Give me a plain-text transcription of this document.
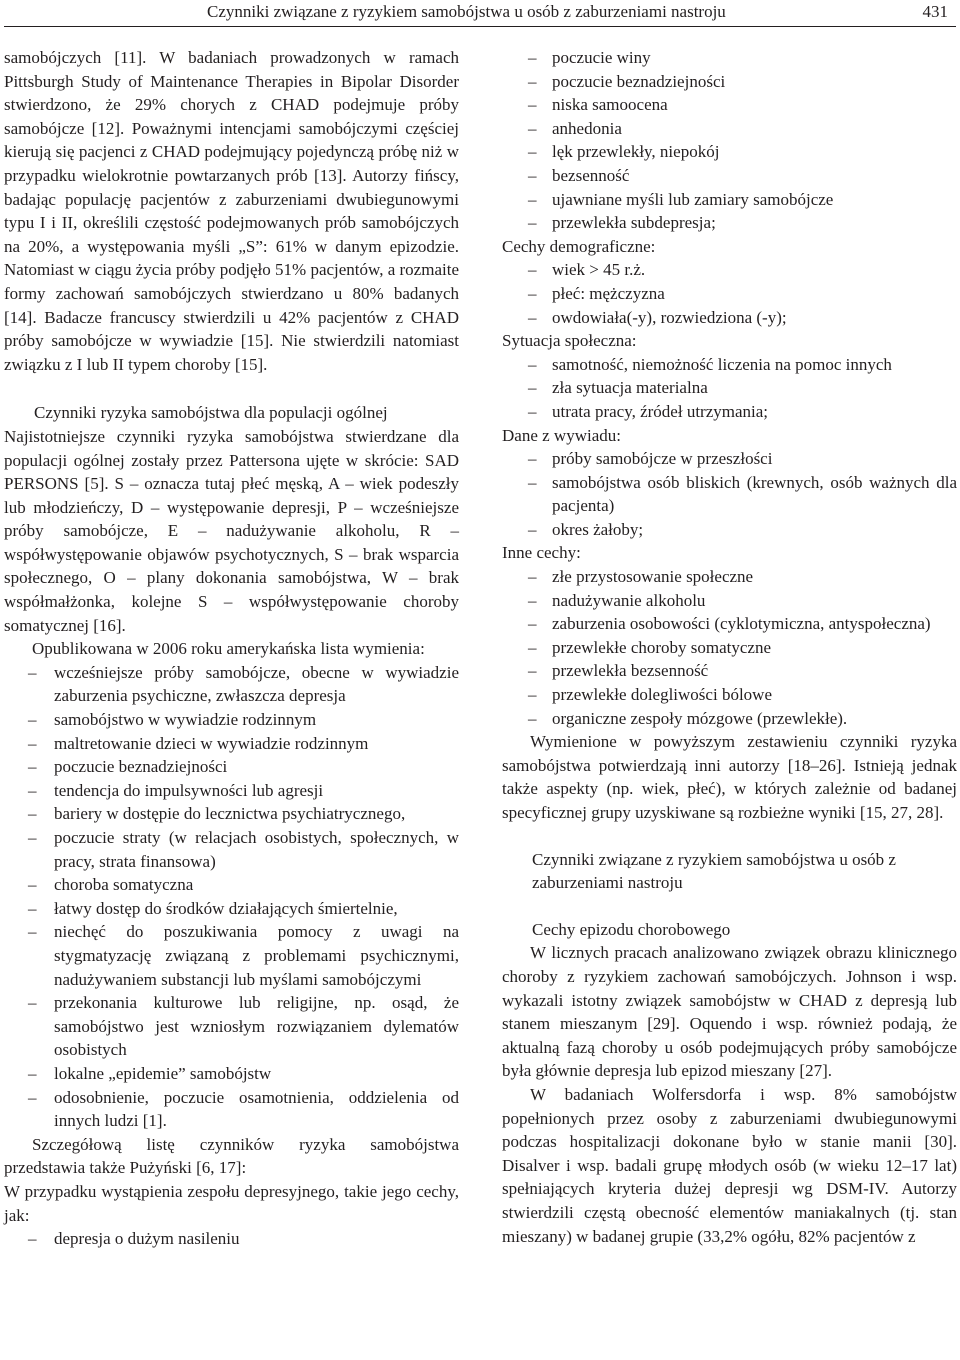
Czynniki związane z ryzykiem samobójstwa u osób z zaburzeniami nastroju	431

samobójczych [11]. W badaniach prowadzonych w ramach Pittsburgh Study of Maintenance Therapies in Bipolar Disorder stwierdzono, że 29% chorych z CHAD podejmuje próby samobójcze [12]. Poważnymi intencjami samobójczymi częściej kierują się pacjenci z CHAD podejmujący pojedynczą próbę niż w przypadku wielokrotnie powtarzanych prób [13]. Autorzy fińscy, badając populację pacjentów z zaburzeniami dwubiegunowymi typu I i II, określili częstość podejmowanych prób samobójczych na 20%, a występowania myśli „S”: 61% w danym epizodzie. Natomiast w ciągu życia próby podjęło 51% pacjentów, a rozmaite formy zachowań samobójczych stwierdzano u 80% badanych [14]. Badacze francuscy stwierdzili u 42% pacjentów z CHAD próby samobójcze w wywiadzie [15]. Nie stwierdzili natomiast związku z I lub II typem choroby [15].

Czynniki ryzyka samobójstwa dla populacji ogólnej

Najistotniejsze czynniki ryzyka samobójstwa stwierdzane dla populacji ogólnej zostały przez Pattersona ujęte w skrócie: SAD PERSONS [5]. S – oznacza tutaj płeć męską, A – wiek podeszły lub młodzieńczy, D – występowanie depresji, P – wcześniejsze próby samobójcze, E – nadużywanie alkoholu, R – współwystępowanie objawów psychotycznych, S – brak wsparcia społecznego, O – plany dokonania samobójstwa, W – brak współmałżonka, kolejne S – współwystępowanie choroby somatycznej [16].

Opublikowana w 2006 roku amerykańska lista wymienia:

– wcześniejsze próby samobójcze, obecne w wywiadzie zaburzenia psychiczne, zwłaszcza depresja
– samobójstwo w wywiadzie rodzinnym
– maltretowanie dzieci w wywiadzie rodzinnym
– poczucie beznadziejności
– tendencja do impulsywności lub agresji
– bariery w dostępie do lecznictwa psychiatrycznego,
– poczucie straty (w relacjach osobistych, społecznych, w pracy, strata finansowa)
– choroba somatyczna
– łatwy dostęp do środków działających śmiertelnie,
– niechęć do poszukiwania pomocy z uwagi na stygmatyzację związaną z problemami psychicznymi, nadużywaniem substancji lub myślami samobójczymi
– przekonania kulturowe lub religijne, np. osąd, że samobójstwo jest wzniosłym rozwiązaniem dylematów osobistych
– lokalne „epidemie” samobójstw
– odosobnienie, poczucie osamotnienia, oddzielenia od innych ludzi [1].

Szczegółową listę czynników ryzyka samobójstwa przedstawia także Pużyński [6, 17]:

W przypadku wystąpienia zespołu depresyjnego, takie jego cechy, jak:

– depresja o dużym nasileniu
– poczucie winy
– poczucie beznadziejności
– niska samoocena
– anhedonia
– lęk przewlekły, niepokój
– bezsenność
– ujawniane myśli lub zamiary samobójcze
– przewlekła subdepresja;

Cechy demograficzne:

– wiek > 45 r.ż.
– płeć: mężczyzna
– owdowiała(-y), rozwiedziona (-y);

Sytuacja społeczna:

– samotność, niemożność liczenia na pomoc innych
– zła sytuacja materialna
– utrata pracy, źródeł utrzymania;

Dane z wywiadu:

– próby samobójcze w przeszłości
– samobójstwa osób bliskich (krewnych, osób ważnych dla pacjenta)
– okres żałoby;

Inne cechy:

– złe przystosowanie społeczne
– nadużywanie alkoholu
– zaburzenia osobowości (cyklotymiczna, antyspołeczna)
– przewlekłe choroby somatyczne
– przewlekła bezsenność
– przewlekłe dolegliwości bólowe
– organiczne zespoły mózgowe (przewlekłe).

Wymienione w powyższym zestawieniu czynniki ryzyka samobójstwa potwierdzają inni autorzy [18–26]. Istnieją jednak także aspekty (np. wiek, płeć), w których zależnie od badanej specyficznej grupy uzyskiwane są rozbieżne wyniki [15, 27, 28].

Czynniki związane z ryzykiem samobójstwa u osób z zaburzeniami nastroju
Cechy epizodu chorobowego

W licznych pracach analizowano związek obrazu klinicznego choroby z ryzykiem zachowań samobójczych. Johnson i wsp. wykazali istotny związek samobójstw w CHAD z depresją lub stanem mieszanym [29]. Oquendo i wsp. również podają, że aktualną fazą choroby u osób podejmujących próby samobójcze była głównie depresja lub epizod mieszany [27].

W badaniach Wolfersdorfa i wsp. 8% samobójstw popełnionych przez osoby z zaburzeniami dwubiegunowymi podczas hospitalizacji dokonane było w stanie manii [30]. Disalver i wsp. badali grupę młodych osób (w wieku 12–17 lat) spełniających kryteria dużej depresji wg DSM-IV. Autorzy stwierdzili częstą obecność elementów maniakalnych (tj. stan mieszany) w badanej grupie (33,2% ogółu, 82% pacjentów z
